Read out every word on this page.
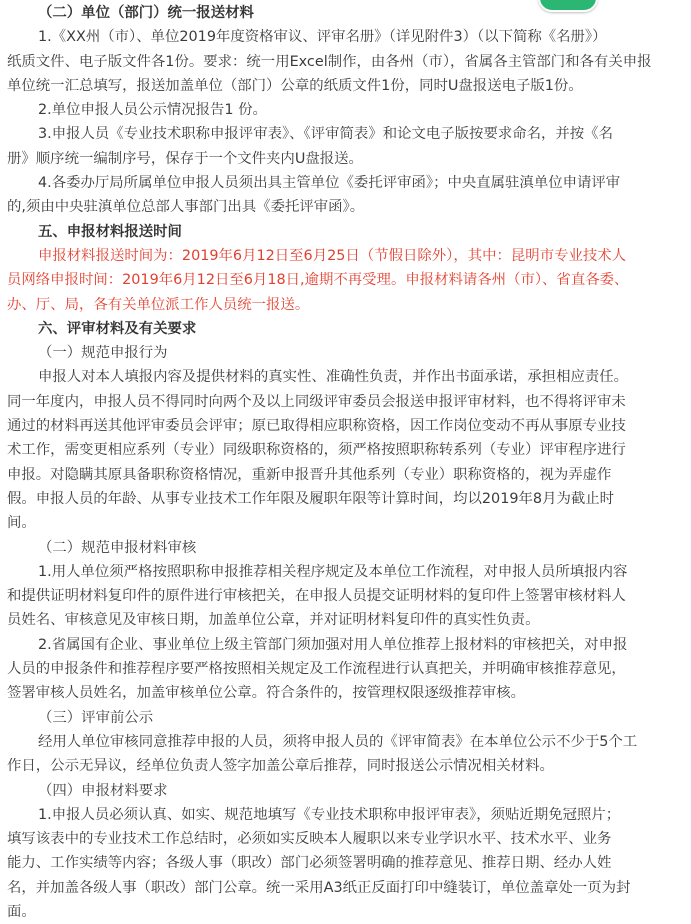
（二）单位（部门）统一报送材料
1.《XX州（市）、单位2019年度资格审议、评审名册》（详见附件3）（以下简称《名册》）
纸质文件、电子版文件各1份。要求：统一用Excel制作，由各州（市），省属各主管部门和各有关申报
单位统一汇总填写，报送加盖单位（部门）公章的纸质文件1份，同时U盘报送电子版1份。
2.单位申报人员公示情况报告1 份。
3.申报人员《专业技术职称申报评审表》、《评审简表》和论文电子版按要求命名，并按《名
册》顺序统一编制序号，保存于一个文件夹内U盘报送。
4.各委办厅局所属单位申报人员须出具主管单位《委托评审函》；中央直属驻滇单位申请评审
的,须由中央驻滇单位总部人事部门出具《委托评审函》。
五、申报材料报送时间
申报材料报送时间为：2019年6月12日至6月25日（节假日除外），其中：昆明市专业技术人
员网络申报时间：2019年6月12日至6月18日,逾期不再受理。申报材料请各州（市）、省直各委、
办、厅、局，各有关单位派工作人员统一报送。
六、评审材料及有关要求
（一）规范申报行为
申报人对本人填报内容及提供材料的真实性、准确性负责，并作出书面承诺，承担相应责任。
同一年度内，申报人员不得同时向两个及以上同级评审委员会报送申报评审材料，也不得将评审未
通过的材料再送其他评审委员会评审；原已取得相应职称资格，因工作岗位变动不再从事原专业技
术工作，需变更相应系列（专业）同级职称资格的，须严格按照职称转系列（专业）评审程序进行
申报。对隐瞒其原具备职称资格情况，重新申报晋升其他系列（专业）职称资格的，视为弄虚作
假。申报人员的年龄、从事专业技术工作年限及履职年限等计算时间，均以2019年8月为截止时
间。
（二）规范申报材料审核
1.用人单位须严格按照职称申报推荐相关程序规定及本单位工作流程，对申报人员所填报内容
和提供证明材料复印件的原件进行审核把关，在申报人员提交证明材料的复印件上签署审核材料人
员姓名、审核意见及审核日期，加盖单位公章，并对证明材料复印件的真实性负责。
2.省属国有企业、事业单位上级主管部门须加强对用人单位推荐上报材料的审核把关，对申报
人员的申报条件和推荐程序要严格按照相关规定及工作流程进行认真把关，并明确审核推荐意见，
签署审核人员姓名，加盖审核单位公章。符合条件的，按管理权限逐级推荐审核。
（三）评审前公示
经用人单位审核同意推荐申报的人员，须将申报人员的《评审简表》在本单位公示不少于5个工
作日，公示无异议，经单位负责人签字加盖公章后推荐，同时报送公示情况相关材料。
（四）申报材料要求
1.申报人员必须认真、如实、规范地填写《专业技术职称申报评审表》，须贴近期免冠照片；
填写该表中的专业技术工作总结时，必须如实反映本人履职以来专业学识水平、技术水平、业务
能力、工作实绩等内容；各级人事（职改）部门必须签署明确的推荐意见、推荐日期、经办人姓
名，并加盖各级人事（职改）部门公章。统一采用A3纸正反面打印中缝装订，单位盖章处一页为封
面。
